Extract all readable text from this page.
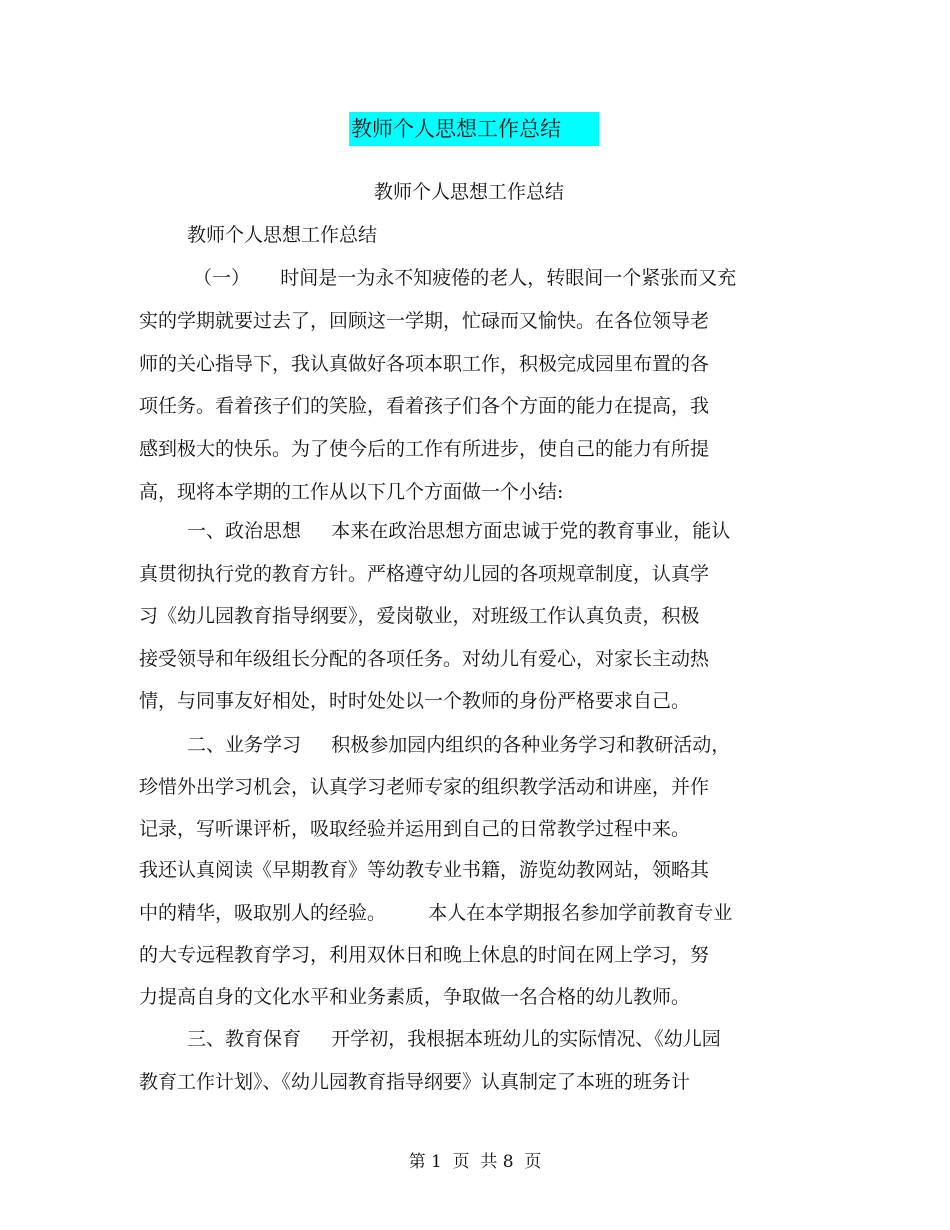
教师个人思想工作总结
教师个人思想工作总结
教师个人思想工作总结
（一）     时间是一为永不知疲倦的老人，转眼间一个紧张而又充
实的学期就要过去了，回顾这一学期，忙碌而又愉快。在各位领导老
师的关心指导下，我认真做好各项本职工作，积极完成园里布置的各
项任务。看着孩子们的笑脸，看着孩子们各个方面的能力在提高，我
感到极大的快乐。为了使今后的工作有所进步，使自己的能力有所提
高，现将本学期的工作从以下几个方面做一个小结:
一、政治思想     本来在政治思想方面忠诚于党的教育事业，能认
真贯彻执行党的教育方针。严格遵守幼儿园的各项规章制度，认真学
习《幼儿园教育指导纲要》，爱岗敬业，对班级工作认真负责，积极
接受领导和年级组长分配的各项任务。对幼儿有爱心，对家长主动热
情，与同事友好相处，时时处处以一个教师的身份严格要求自己。
二、业务学习     积极参加园内组织的各种业务学习和教研活动，
珍惜外出学习机会，认真学习老师专家的组织教学活动和讲座，并作
记录，写听课评析，吸取经验并运用到自己的日常教学过程中来。
我还认真阅读《早期教育》等幼教专业书籍，游览幼教网站，领略其
中的精华，吸取别人的经验。       本人在本学期报名参加学前教育专业
的大专远程教育学习，利用双休日和晚上休息的时间在网上学习，努
力提高自身的文化水平和业务素质，争取做一名合格的幼儿教师。
三、教育保育     开学初，我根据本班幼儿的实际情况、《幼儿园
教育工作计划》、《幼儿园教育指导纲要》认真制定了本班的班务计
第 1  页  共 8  页
